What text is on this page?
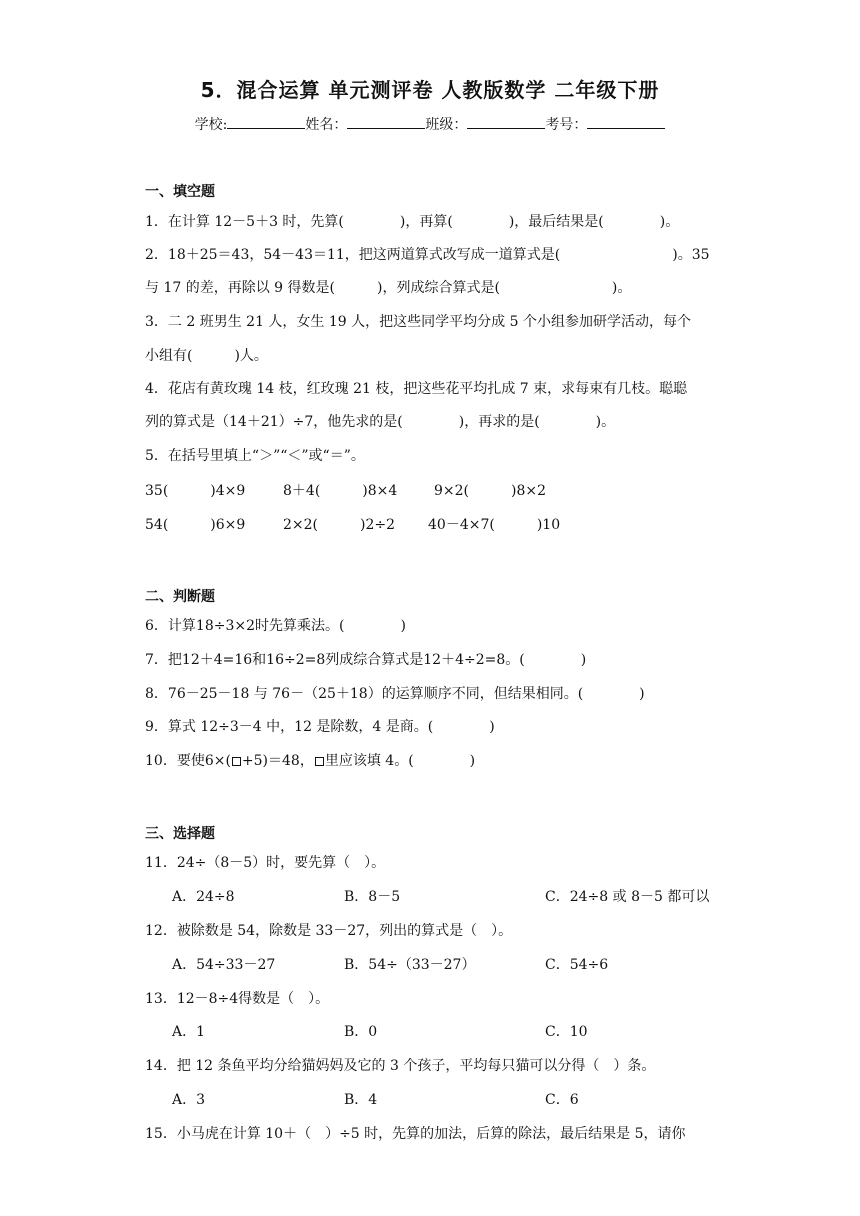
5．混合运算 单元测评卷 人教版数学 二年级下册
学校:	姓名：	班级：	考号：
一、填空题
1．在计算 12－5＋3 时，先算(　　　　)，再算(　　　　)，最后结果是(　　　　)。
2．18＋25＝43，54－43＝11，把这两道算式改写成一道算式是(　　　　　　　　)。35
与 17 的差，再除以 9 得数是(　　　)，列成综合算式是(　　　　　　　　)。
3．二 2 班男生 21 人，女生 19 人，把这些同学平均分成 5 个小组参加研学活动，每个
小组有(　　　)人。
4．花店有黄玫瑰 14 枝，红玫瑰 21 枝，把这些花平均扎成 7 束，求每束有几枝。聪聪
列的算式是（14＋21）÷7，他先求的是(　　　　)，再求的是(　　　　)。
5．在括号里填上“＞”“＜”或“＝”。
35(　　　)4×9	8＋4(　　　)8×4	9×2(　　　)8×2
54(　　　)6×9	2×2(　　　)2÷2 40－4×7(　　　)10
二、判断题
6．计算18÷3×2时先算乘法。(　　　　)
7．把12＋4=16和16÷2=8列成综合算式是12＋4÷2=8。(　　　　)
8．76－25－18 与 76－（25＋18）的运算顺序不同，但结果相同。(　　　　)
9．算式 12÷3－4 中，12 是除数，4 是商。(　　　　)
10．要使6×( +5)＝48， 里应该填 4。(　　　　)
三、选择题
11．24÷（8－5）时，要先算（　）。
A．24÷8	B．8－5	C．24÷8 或 8－5 都可以
12．被除数是 54，除数是 33－27，列出的算式是（　）。
A．54÷33－27	B．54÷（33－27）	C．54÷6
13．12－8÷4得数是（　）。
A．1	B．0	C．10
14．把 12 条鱼平均分给猫妈妈及它的 3 个孩子，平均每只猫可以分得（　）条。
A．3	B．4	C．6
15．小马虎在计算 10＋（　）÷5 时，先算的加法，后算的除法，最后结果是 5，请你
